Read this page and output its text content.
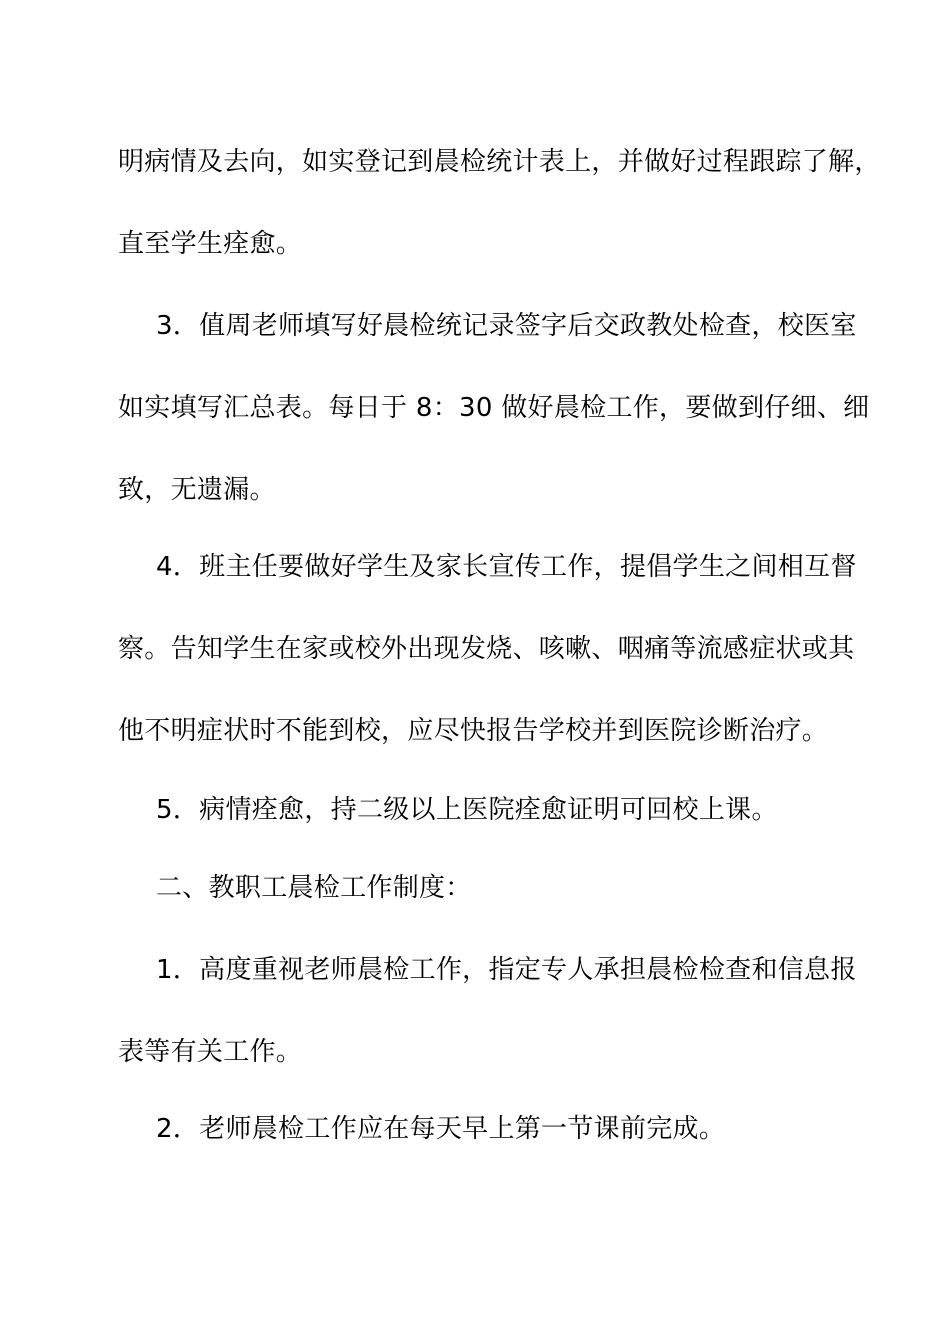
明病情及去向，如实登记到晨检统计表上，并做好过程跟踪了解，
直至学生痊愈。
3．值周老师填写好晨检统记录签字后交政教处检查，校医室
如实填写汇总表。每日于 8：30 做好晨检工作，要做到仔细、细
致，无遗漏。
4．班主任要做好学生及家长宣传工作，提倡学生之间相互督
察。告知学生在家或校外出现发烧、咳嗽、咽痛等流感症状或其
他不明症状时不能到校，应尽快报告学校并到医院诊断治疗。
5．病情痊愈，持二级以上医院痊愈证明可回校上课。
二、教职工晨检工作制度：
1．高度重视老师晨检工作，指定专人承担晨检检查和信息报
表等有关工作。
2．老师晨检工作应在每天早上第一节课前完成。
